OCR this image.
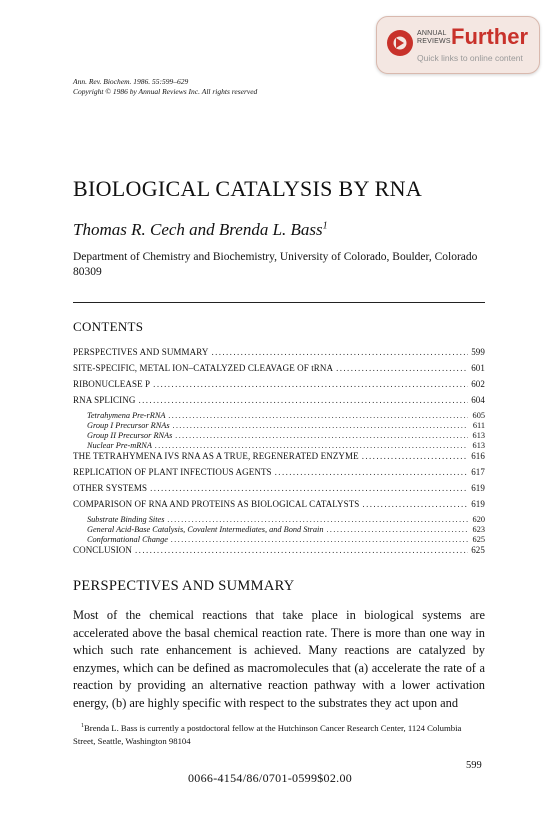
ANNUAL
REVIEWS Further
Quick links to online content
Ann. Rev. Biochem. 1986. 55:599–629
Copyright © 1986 by Annual Reviews Inc. All rights reserved
BIOLOGICAL CATALYSIS BY RNA
Thomas R. Cech and Brenda L. Bass$^1$
Department of Chemistry and Biochemistry, University of Colorado, Boulder, Colorado 80309
CONTENTS
PERSPECTIVES AND SUMMARY .....	599
SITE-SPECIFIC, METAL ION–CATALYZED CLEAVAGE OF tRNA .....	601
RIBONUCLEASE P .....	602
RNA SPLICING .....	604
Tetrahymena Pre-rRNA .....	605
Group I Precursor RNAs .....	611
Group II Precursor RNAs .....	613
Nuclear Pre-mRNA .....	613
THE TETRAHYMENA IVS RNA AS A TRUE, REGENERATED ENZYME .....	616
REPLICATION OF PLANT INFECTIOUS AGENTS .....	617
OTHER SYSTEMS .....	619
COMPARISON OF RNA AND PROTEINS AS BIOLOGICAL CATALYSTS .....	619
Substrate Binding Sites .....	620
General Acid-Base Catalysis, Covalent Intermediates, and Bond Strain .....	623
Conformational Change .....	625
CONCLUSION .....	625
PERSPECTIVES AND SUMMARY
Most of the chemical reactions that take place in biological systems are accelerated above the basal chemical reaction rate. There is more than one way in which such rate enhancement is achieved. Many reactions are catalyzed by enzymes, which can be defined as macromolecules that (a) accelerate the rate of a reaction by providing an alternative reaction pathway with a lower activation energy, (b) are highly specific with respect to the substrates they act upon and
$^1$Brenda L. Bass is currently a postdoctoral fellow at the Hutchinson Cancer Research Center, 1124 Columbia Street, Seattle, Washington 98104
599
0066-4154/86/0701-0599$02.00
